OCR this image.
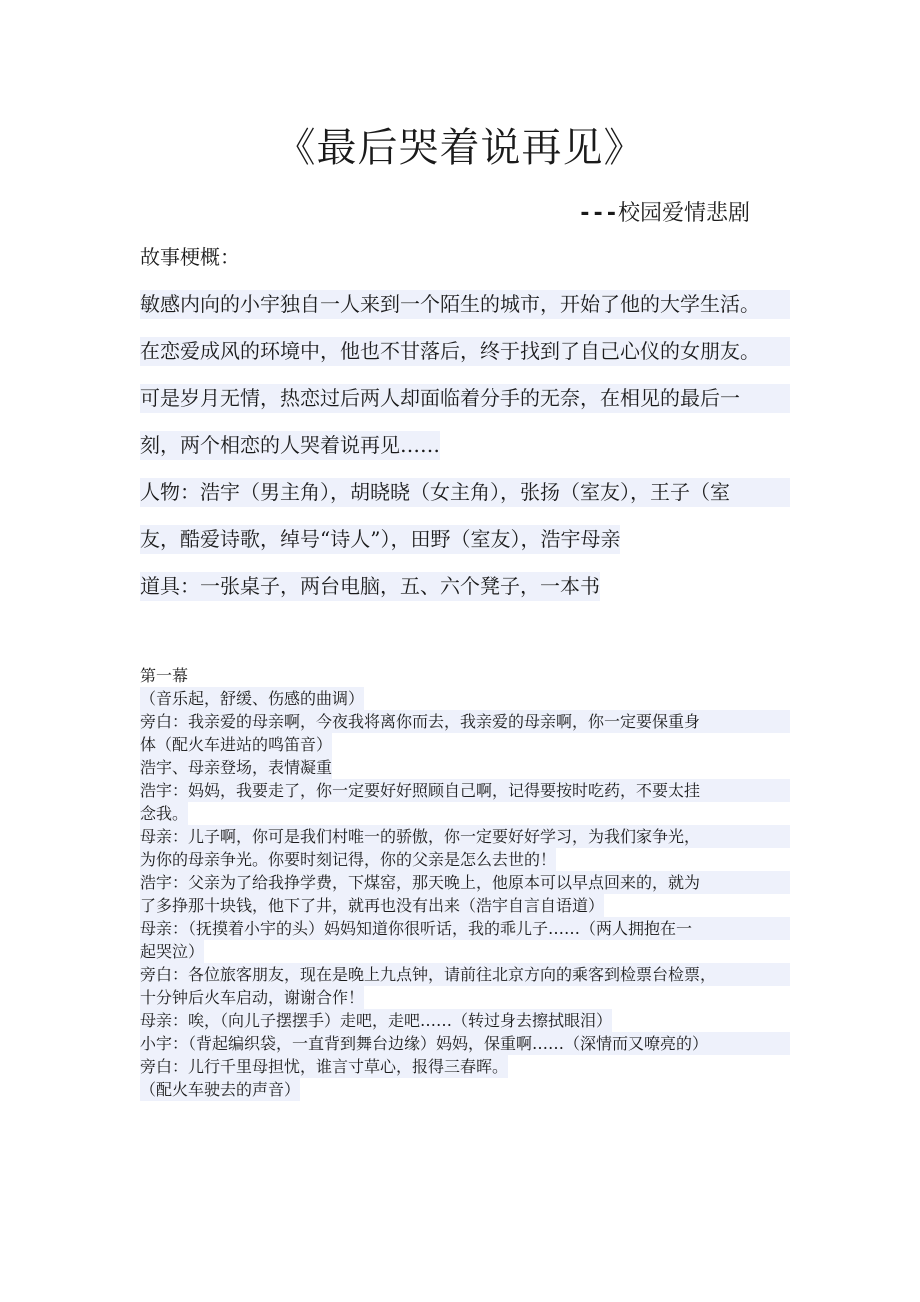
《最后哭着说再见》
---校园爱情悲剧
故事梗概：
敏感内向的小宇独自一人来到一个陌生的城市，开始了他的大学生活。
在恋爱成风的环境中，他也不甘落后，终于找到了自己心仪的女朋友。
可是岁月无情，热恋过后两人却面临着分手的无奈，在相见的最后一
刻，两个相恋的人哭着说再见……
人物：浩宇（男主角），胡晓晓（女主角），张扬（室友），王子（室
友，酷爱诗歌，绰号“诗人”），田野（室友），浩宇母亲 道具：一张桌子，两台电脑，五、六个凳子，一本书
第一幕
（音乐起，舒缓、伤感的曲调）
旁白：我亲爱的母亲啊，今夜我将离你而去，我亲爱的母亲啊，你一定要保重身
体（配火车进站的鸣笛音）
浩宇、母亲登场，表情凝重
浩宇：妈妈，我要走了，你一定要好好照顾自己啊，记得要按时吃药，不要太挂
念我。
母亲：儿子啊，你可是我们村唯一的骄傲，你一定要好好学习，为我们家争光，
为你的母亲争光。你要时刻记得，你的父亲是怎么去世的！
浩宇：父亲为了给我挣学费，下煤窑，那天晚上，他原本可以早点回来的，就为
了多挣那十块钱，他下了井，就再也没有出来（浩宇自言自语道）
母亲：（抚摸着小宇的头）妈妈知道你很听话，我的乖儿子……（两人拥抱在一
起哭泣）
旁白：各位旅客朋友，现在是晚上九点钟，请前往北京方向的乘客到检票台检票，
十分钟后火车启动，谢谢合作！
母亲：唉，（向儿子摆摆手）走吧，走吧……（转过身去擦拭眼泪）
小宇：（背起编织袋，一直背到舞台边缘）妈妈，保重啊……（深情而又嘹亮的）
旁白：儿行千里母担忧，谁言寸草心，报得三春晖。
（配火车驶去的声音）
